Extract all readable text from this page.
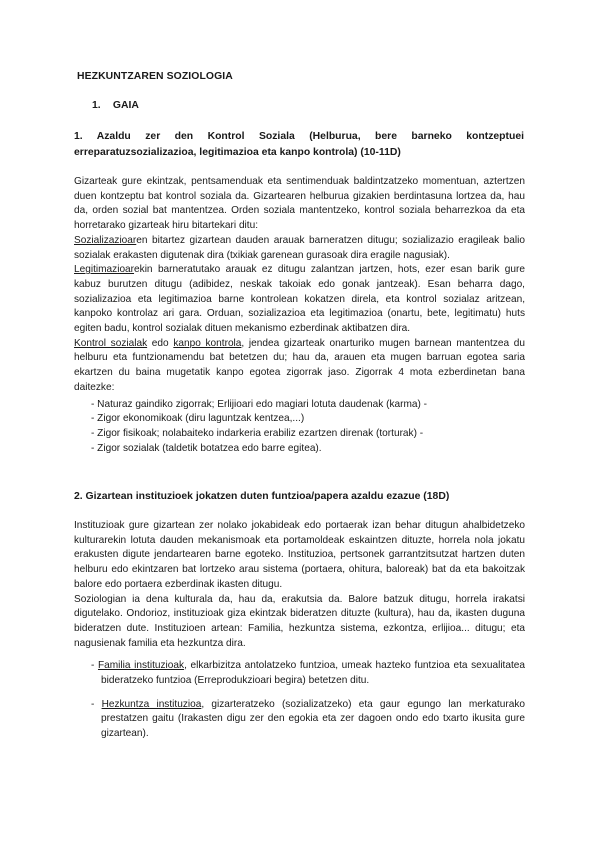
HEZKUNTZAREN SOZIOLOGIA
1. GAIA
1. Azaldu zer den Kontrol Soziala (Helburua, bere barneko kontzeptuei erreparatuzsozializazioa, legitimazioa eta kanpo kontrola) (10-11D)

Gizarteak gure ekintzak, pentsamenduak eta sentimenduak baldintzatzeko momentuan, aztertzen duen kontzeptu bat kontrol soziala da. Gizartearen helburua gizakien berdintasuna lortzea da, hau da, orden sozial bat mantentzea. Orden soziala mantentzeko, kontrol soziala beharrezkoa da eta horretarako gizarteak hiru bitartekari ditu:

Sozializazioaren bitartez gizartean dauden arauak barneratzen ditugu; sozializazio eragileak balio sozialak erakasten digutenak dira (txikiak garenean gurasoak dira eragile nagusiak).

Legitimazioarekin barneratutako arauak ez ditugu zalantzan jartzen, hots, ezer esan barik gure kabuz burutzen ditugu (adibidez, neskak takoiak edo gonak jantzeak). Esan beharra dago, sozializazioa eta legitimazioa barne kontrolean kokatzen direla, eta kontrol sozialaz aritzean, kanpoko kontrolaz ari gara. Orduan, sozializazioa eta legitimazioa (onartu, bete, legitimatu) huts egiten badu, kontrol sozialak dituen mekanismo ezberdinak aktibatzen dira.

Kontrol sozialak edo kanpo kontrola, jendea gizarteak onarturiko mugen barnean mantentzea du helburu eta funtzionamendu bat betetzen du; hau da, arauen eta mugen barruan egotea saria ekartzen du baina mugetatik kanpo egotea zigorrak jaso. Zigorrak 4 mota ezberdinetan bana daitezke:

- Naturaz gaindiko zigorrak; Erlijioari edo magiari lotuta daudenak (karma) -
- Zigor ekonomikoak (diru laguntzak kentzea,...)
- Zigor fisikoak; nolabaiteko indarkeria erabiliz ezartzen direnak (torturak) -
- Zigor sozialak (taldetik botatzea edo barre egitea).
2. Gizartean instituzioek jokatzen duten funtzioa/papera azaldu ezazue (18D)

Instituzioak gure gizartean zer nolako jokabideak edo portaerak izan behar ditugun ahalbidetzeko kulturarekin lotuta dauden mekanismoak eta portamoldeak eskaintzen dituzte, horrela nola jokatu erakusten digute jendartearen barne egoteko. Instituzioa, pertsonek garrantzitsutzat hartzen duten helburu edo ekintzaren bat lortzeko arau sistema (portaera, ohitura, baloreak) bat da eta bakoitzak balore edo portaera ezberdinak ikasten ditugu.

Soziologian ia dena kulturala da, hau da, erakutsia da. Balore batzuk ditugu, horrela irakatsi digutelako. Ondorioz, instituzioak giza ekintzak bideratzen dituzte (kultura), hau da, ikasten duguna bideratzen dute. Instituzioen artean: Familia, hezkuntza sistema, ezkontza, erlijioa... ditugu; eta nagusienak familia eta hezkuntza dira.

- Familia instituzioak, elkarbizitza antolatzeko funtzioa, umeak hazteko funtzioa eta sexualitatea bideratzeko funtzioa (Erreprodukzioari begira) betetzen ditu.
- Hezkuntza instituzioa, gizarteratzeko (sozializatzeko) eta gaur egungo lan merkaturako prestatzen gaitu (Irakasten digu zer den egokia eta zer dagoen ondo edo txarto ikusita gure gizartean).
